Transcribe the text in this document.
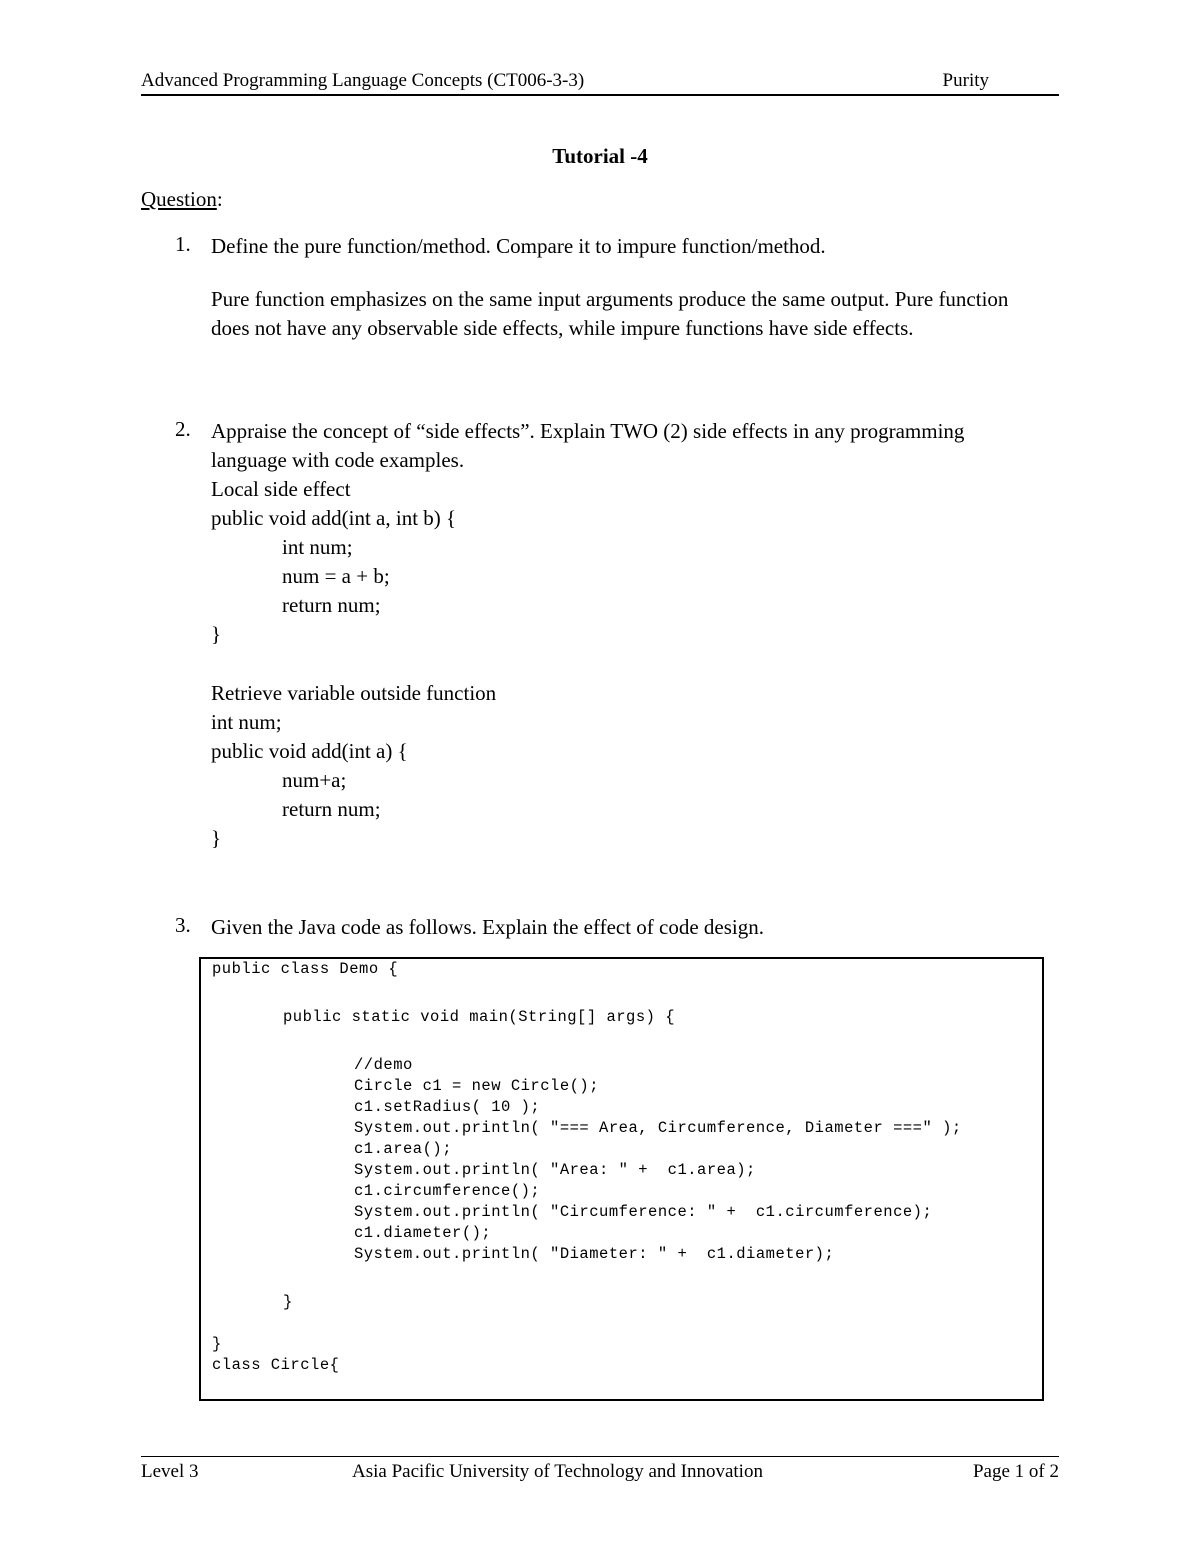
Advanced Programming Language Concepts (CT006-3-3)	Purity
Tutorial -4
Question:
1. Define the pure function/method. Compare it to impure function/method.
Pure function emphasizes on the same input arguments produce the same output. Pure function does not have any observable side effects, while impure functions have side effects.
2. Appraise the concept of “side effects”. Explain TWO (2) side effects in any programming
language with code examples.
Local side effect
public void add(int a, int b) {
int num;
num = a + b;
return num;
}
Retrieve variable outside function
int num;
public void add(int a) {
num+a;
return num;
}
3. Given the Java code as follows. Explain the effect of code design.
public class Demo {
public static void main(String[] args) {
//demo
Circle c1 = new Circle();
c1.setRadius( 10 );
System.out.println( "=== Area, Circumference, Diameter ===" );
c1.area();
System.out.println( "Area: " +  c1.area);
c1.circumference();
System.out.println( "Circumference: " +  c1.circumference);
c1.diameter();
System.out.println( "Diameter: " +  c1.diameter);
}
}
class Circle{
Level 3	Asia Pacific University of Technology and Innovation	Page 1 of 2
